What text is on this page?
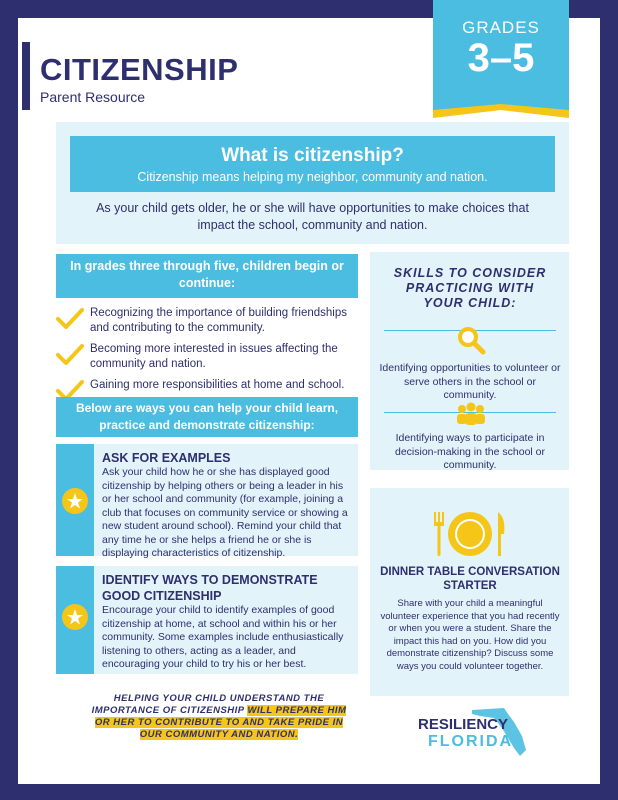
CITIZENSHIP
Parent Resource
GRADES
3–5
What is citizenship?
Citizenship means helping my neighbor, community and nation.
As your child gets older, he or she will have opportunities to make choices that impact the school, community and nation.
In grades three through five, children begin or continue:
Recognizing the importance of building friendships and contributing to the community.
Becoming more interested in issues affecting the community and nation.
Gaining more responsibilities at home and school.
Below are ways you can help your child learn, practice and demonstrate citizenship:
ASK FOR EXAMPLES
Ask your child how he or she has displayed good citizenship by helping others or being a leader in his or her school and community (for example, joining a club that focuses on community service or showing a new student around school). Remind your child that any time he or she helps a friend he or she is displaying characteristics of citizenship.
IDENTIFY WAYS TO DEMONSTRATE GOOD CITIZENSHIP
Encourage your child to identify examples of good citizenship at home, at school and within his or her community. Some examples include enthusiastically listening to others, acting as a leader, and encouraging your child to try his or her best.
SKILLS TO CONSIDER PRACTICING WITH YOUR CHILD:
Identifying opportunities to volunteer or serve others in the school or community.
Identifying ways to participate in decision-making in the school or community.
DINNER TABLE CONVERSATION STARTER
Share with your child a meaningful volunteer experience that you had recently or when you were a student. Share the impact this had on you. How did you demonstrate citizenship? Discuss some ways you could volunteer together.
HELPING YOUR CHILD UNDERSTAND THE IMPORTANCE OF CITIZENSHIP WILL PREPARE HIM OR HER TO CONTRIBUTE TO AND TAKE PRIDE IN OUR COMMUNITY AND NATION.
RESILIENCY
FLORIDA
